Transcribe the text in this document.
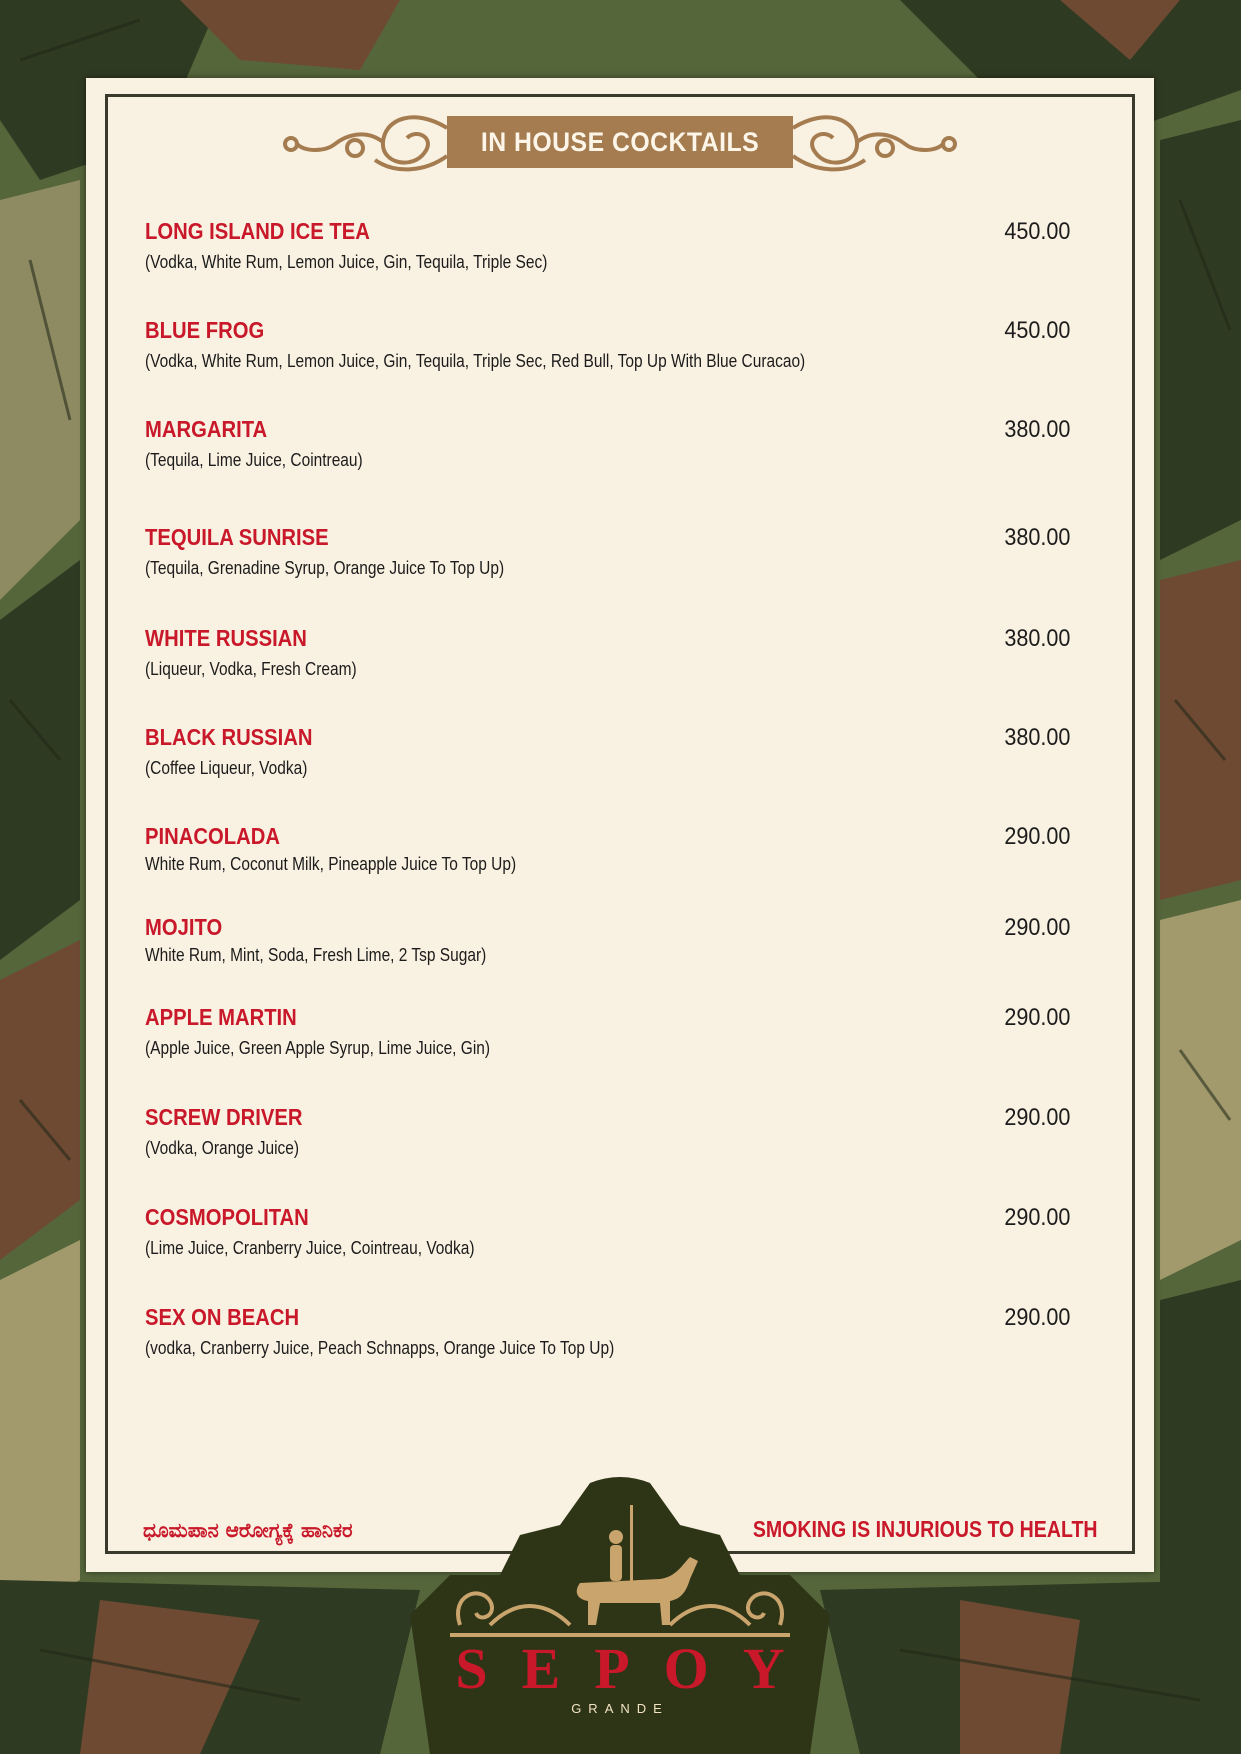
IN HOUSE COCKTAILS
LONG ISLAND ICE TEA	450.00
(Vodka, White Rum, Lemon Juice, Gin, Tequila, Triple Sec)
BLUE FROG	450.00
(Vodka, White Rum, Lemon Juice, Gin, Tequila, Triple Sec, Red Bull, Top Up With Blue Curacao)
MARGARITA	380.00
(Tequila, Lime Juice, Cointreau)
TEQUILA SUNRISE	380.00
(Tequila, Grenadine Syrup, Orange Juice To Top Up)
WHITE RUSSIAN	380.00
(Liqueur, Vodka, Fresh Cream)
BLACK RUSSIAN	380.00
(Coffee Liqueur, Vodka)
PINACOLADA	290.00
White Rum, Coconut Milk, Pineapple Juice To Top Up)
MOJITO	290.00
White Rum, Mint, Soda, Fresh Lime, 2 Tsp Sugar)
APPLE MARTIN	290.00
(Apple Juice, Green Apple Syrup, Lime Juice, Gin)
SCREW DRIVER	290.00
(Vodka, Orange Juice)
COSMOPOLITAN	290.00
(Lime Juice, Cranberry Juice, Cointreau, Vodka)
SEX ON BEACH	290.00
(vodka, Cranberry Juice, Peach Schnapps, Orange Juice To Top Up)
ಧೂಮಪಾನ ಆರೋಗ್ಯಕ್ಕೆ ಹಾನಿಕರ	SMOKING IS INJURIOUS TO HEALTH
SEPOY
GRANDE
